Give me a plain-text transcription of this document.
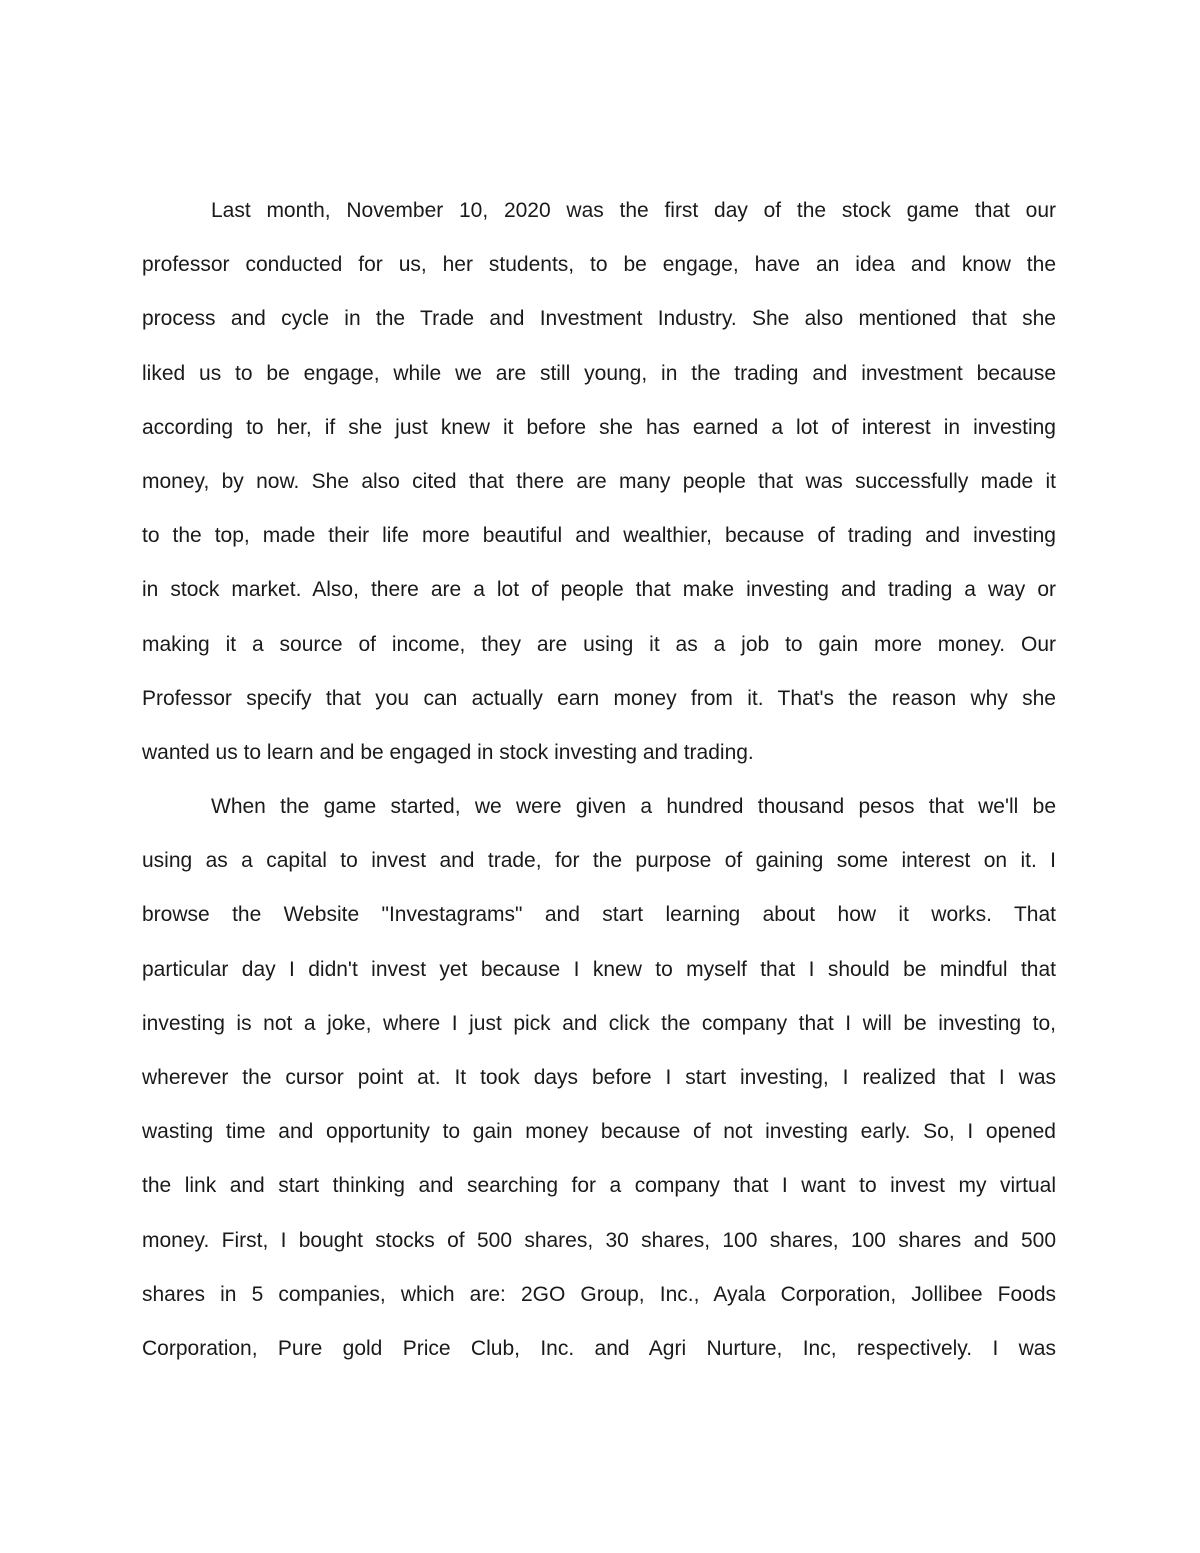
Last month, November 10, 2020 was the first day of the stock game that our
professor conducted for us, her students, to be engage, have an idea and know the
process and cycle in the Trade and Investment Industry. She also mentioned that she
liked us to be engage, while we are still young, in the trading and investment because
according to her, if she just knew it before she has earned a lot of interest in investing
money, by now. She also cited that there are many people that was successfully made it
to the top, made their life more beautiful and wealthier, because of trading and investing
in stock market. Also, there are a lot of people that make investing and trading a way or
making it a source of income, they are using it as a job to gain more money. Our
Professor specify that you can actually earn money from it. That's the reason why she
wanted us to learn and be engaged in stock investing and trading.
When the game started, we were given a hundred thousand pesos that we'll be
using as a capital to invest and trade, for the purpose of gaining some interest on it. I
browse the Website "Investagrams" and start learning about how it works. That
particular day I didn't invest yet because I knew to myself that I should be mindful that
investing is not a joke, where I just pick and click the company that I will be investing to,
wherever the cursor point at. It took days before I start investing, I realized that I was
wasting time and opportunity to gain money because of not investing early. So, I opened
the link and start thinking and searching for a company that I want to invest my virtual
money. First, I bought stocks of 500 shares, 30 shares, 100 shares, 100 shares and 500
shares in 5 companies, which are: 2GO Group, Inc., Ayala Corporation, Jollibee Foods
Corporation, Pure gold Price Club, Inc. and Agri Nurture, Inc, respectively. I was
